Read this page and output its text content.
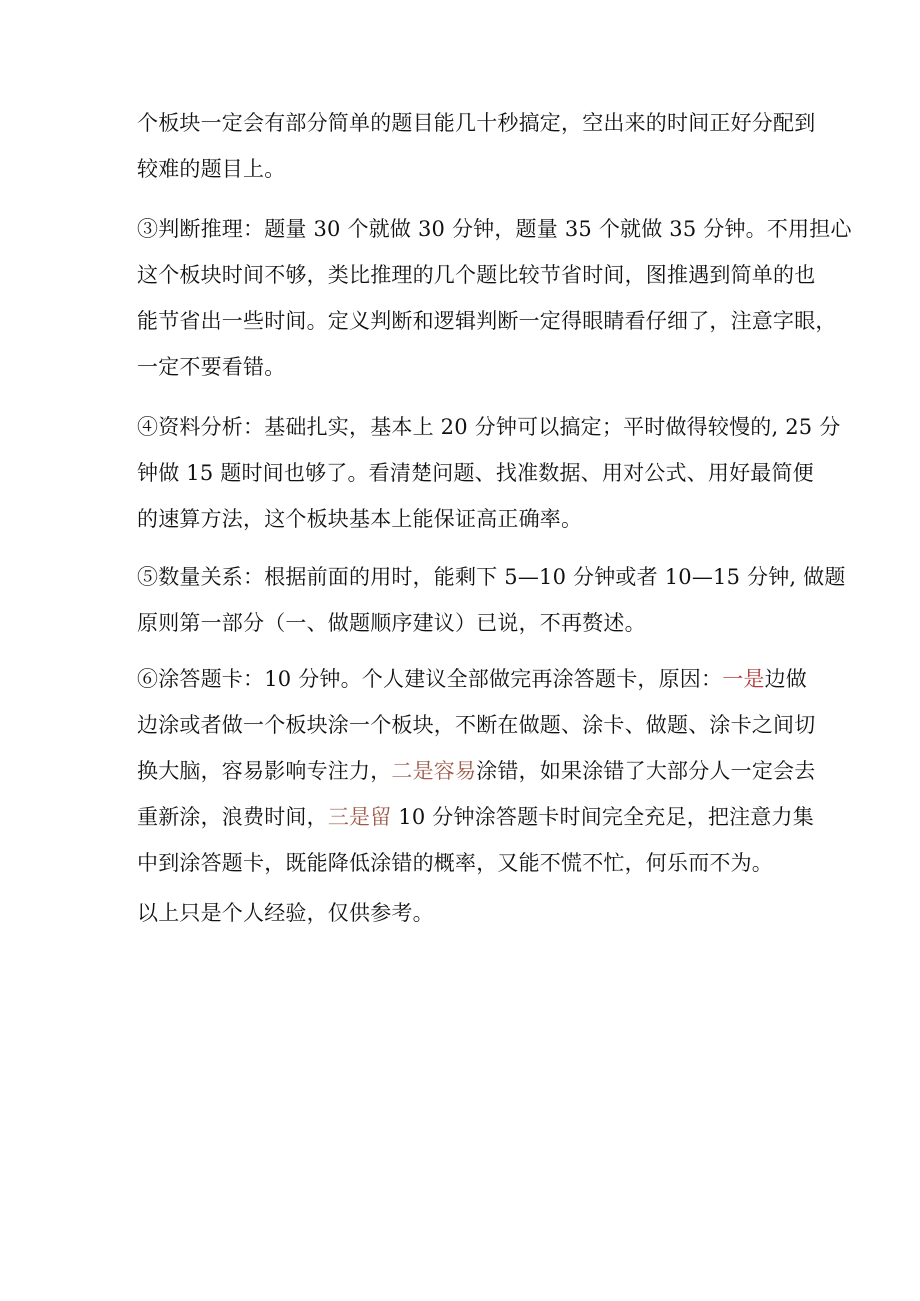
个板块一定会有部分简单的题目能几十秒搞定，空出来的时间正好分配到
较难的题目上。

③判断推理：题量 30 个就做 30 分钟，题量 35 个就做 35 分钟。不用担心
这个板块时间不够，类比推理的几个题比较节省时间，图推遇到简单的也
能节省出一些时间。定义判断和逻辑判断一定得眼睛看仔细了，注意字眼，
一定不要看错。

④资料分析：基础扎实，基本上 20 分钟可以搞定；平时做得较慢的, 25 分
钟做 15 题时间也够了。看清楚问题、找准数据、用对公式、用好最简便
的速算方法，这个板块基本上能保证高正确率。

⑤数量关系：根据前面的用时，能剩下 5—10 分钟或者 10—15 分钟, 做题
原则第一部分（一、做题顺序建议）已说，不再赘述。

⑥涂答题卡：10 分钟。个人建议全部做完再涂答题卡，原因：一是边做
边涂或者做一个板块涂一个板块，不断在做题、涂卡、做题、涂卡之间切
换大脑，容易影响专注力，二是容易涂错，如果涂错了大部分人一定会去
重新涂，浪费时间，三是留 10 分钟涂答题卡时间完全充足，把注意力集
中到涂答题卡，既能降低涂错的概率，又能不慌不忙，何乐而不为。

以上只是个人经验，仅供参考。
